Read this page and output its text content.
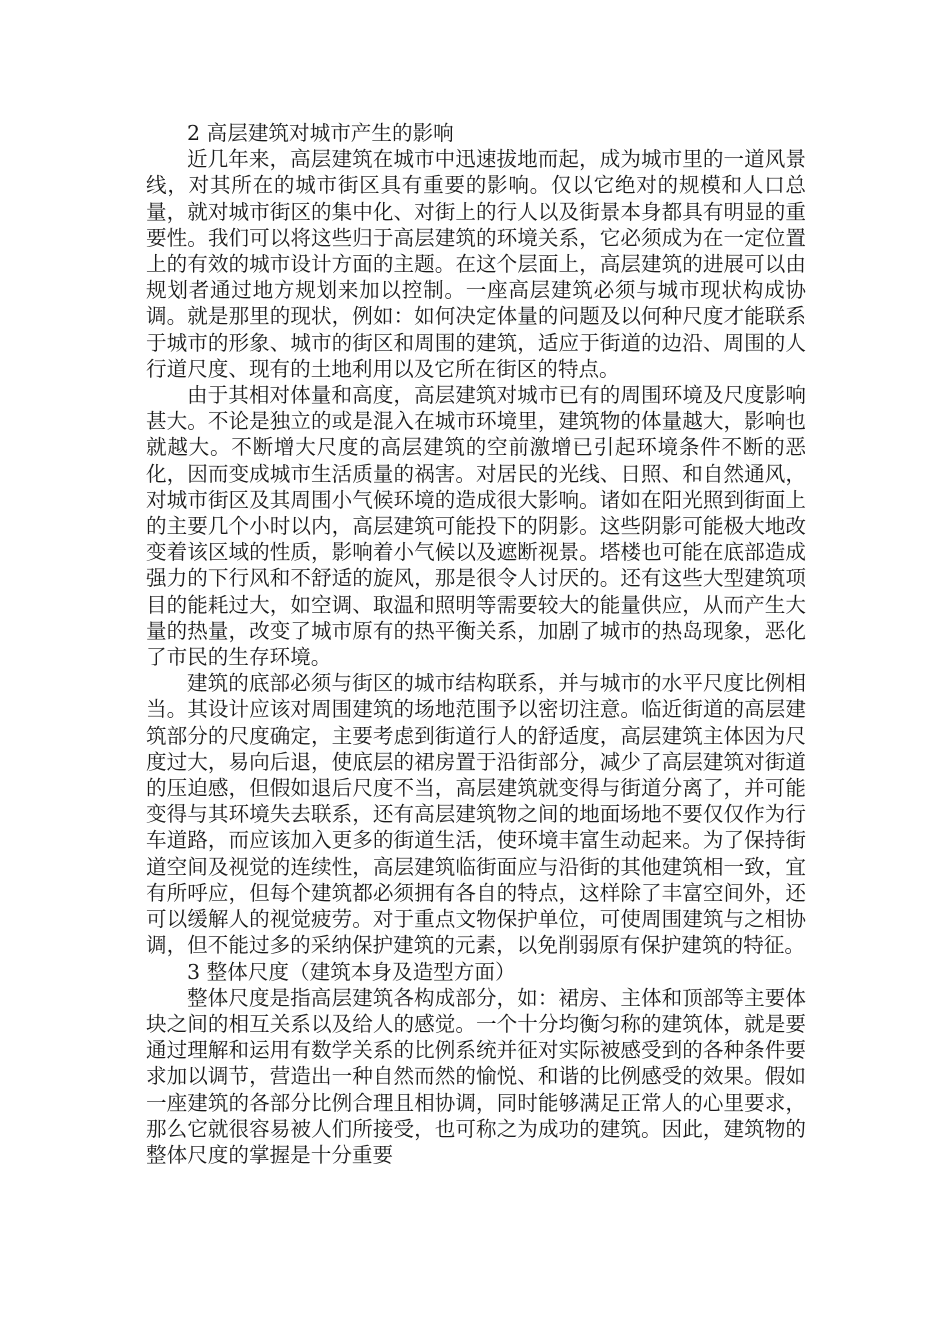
2 高层建筑对城市产生的影响

近几年来，高层建筑在城市中迅速拔地而起，成为城市里的一道风景线，对其所在的城市街区具有重要的影响。仅以它绝对的规模和人口总量，就对城市街区的集中化、对街上的行人以及街景本身都具有明显的重要性。我们可以将这些归于高层建筑的环境关系，它必须成为在一定位置上的有效的城市设计方面的主题。在这个层面上，高层建筑的进展可以由规划者通过地方规划来加以控制。一座高层建筑必须与城市现状构成协调。就是那里的现状，例如：如何决定体量的问题及以何种尺度才能联系于城市的形象、城市的街区和周围的建筑，适应于街道的边沿、周围的人行道尺度、现有的土地利用以及它所在街区的特点。

由于其相对体量和高度，高层建筑对城市已有的周围环境及尺度影响甚大。不论是独立的或是混入在城市环境里，建筑物的体量越大，影响也就越大。不断增大尺度的高层建筑的空前激增已引起环境条件不断的恶化，因而变成城市生活质量的祸害。对居民的光线、日照、和自然通风，对城市街区及其周围小气候环境的造成很大影响。诸如在阳光照到街面上的主要几个小时以内，高层建筑可能投下的阴影。这些阴影可能极大地改变着该区域的性质，影响着小气候以及遮断视景。塔楼也可能在底部造成强力的下行风和不舒适的旋风，那是很令人讨厌的。还有这些大型建筑项目的能耗过大，如空调、取温和照明等需要较大的能量供应，从而产生大量的热量，改变了城市原有的热平衡关系，加剧了城市的热岛现象，恶化了市民的生存环境。

建筑的底部必须与街区的城市结构联系，并与城市的水平尺度比例相当。其设计应该对周围建筑的场地范围予以密切注意。临近街道的高层建筑部分的尺度确定，主要考虑到街道行人的舒适度，高层建筑主体因为尺度过大，易向后退，使底层的裙房置于沿街部分，减少了高层建筑对街道的压迫感，但假如退后尺度不当，高层建筑就变得与街道分离了，并可能变得与其环境失去联系，还有高层建筑物之间的地面场地不要仅仅作为行车道路，而应该加入更多的街道生活，使环境丰富生动起来。为了保持街道空间及视觉的连续性，高层建筑临街面应与沿街的其他建筑相一致，宜有所呼应，但每个建筑都必须拥有各自的特点，这样除了丰富空间外，还可以缓解人的视觉疲劳。对于重点文物保护单位，可使周围建筑与之相协调，但不能过多的采纳保护建筑的元素，以免削弱原有保护建筑的特征。

3 整体尺度（建筑本身及造型方面）

整体尺度是指高层建筑各构成部分，如：裙房、主体和顶部等主要体块之间的相互关系以及给人的感觉。一个十分均衡匀称的建筑体，就是要通过理解和运用有数学关系的比例系统并征对实际被感受到的各种条件要求加以调节，营造出一种自然而然的愉悦、和谐的比例感受的效果。假如一座建筑的各部分比例合理且相协调，同时能够满足正常人的心里要求，那么它就很容易被人们所接受，也可称之为成功的建筑。因此，建筑物的整体尺度的掌握是十分重要
